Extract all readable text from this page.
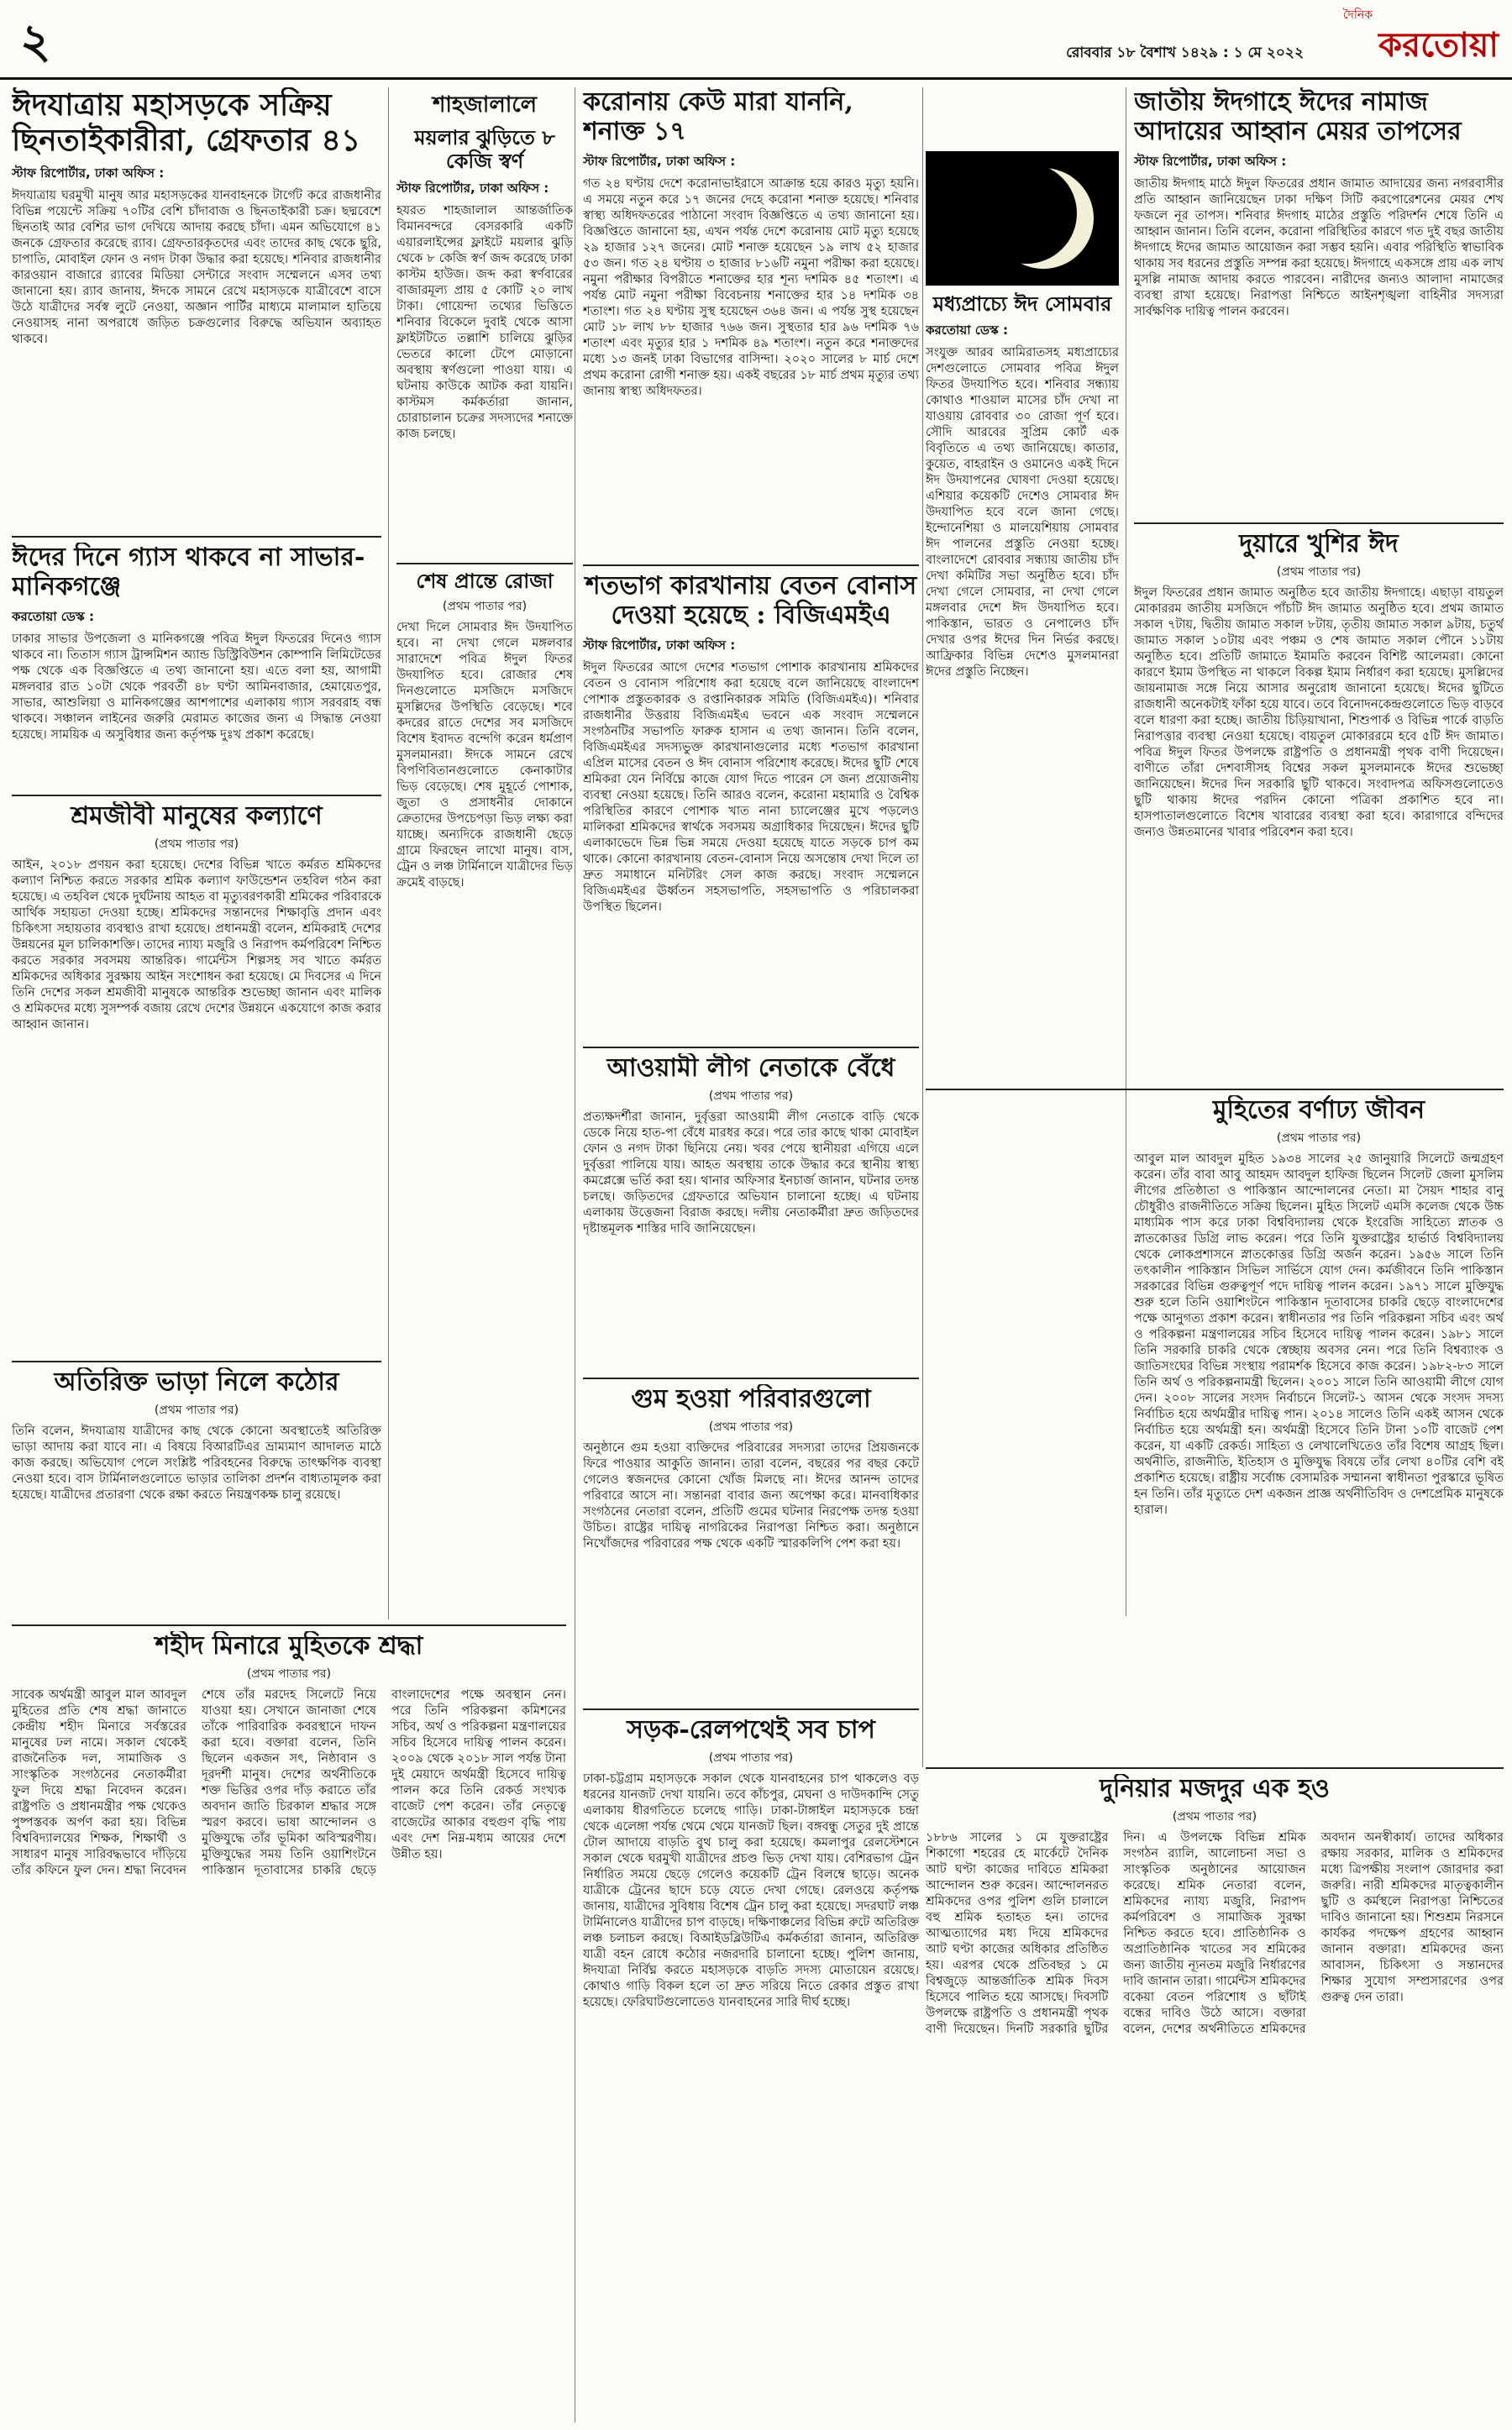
২	রোববার ১৮ বৈশাখ ১৪২৯ : ১ মে ২০২২
দৈনিক
করতোয়া
ঈদযাত্রায় মহাসড়কে সক্রিয় ছিনতাইকারীরা, গ্রেফতার ৪১
স্টাফ রিপোর্টার, ঢাকা অফিস :
ঈদযাত্রায় ঘরমুখী মানুষ আর মহাসড়কের যানবাহনকে টার্গেট করে রাজধানীর বিভিন্ন পয়েন্টে সক্রিয় ৭০টির বেশি চাঁদাবাজ ও ছিনতাইকারী চক্র। ছদ্মবেশে ছিনতাই আর বেশির ভাগ দেখিয়ে আদায় করছে চাঁদা। এমন অভিযোগে ৪১ জনকে গ্রেফতার করেছে র‌্যাব। গ্রেফতারকৃতদের এবং তাদের কাছ থেকে ছুরি, চাপাতি, মোবাইল ফোন ও নগদ টাকা উদ্ধার করা হয়েছে। শনিবার রাজধানীর কারওয়ান বাজারে র‌্যাবের মিডিয়া সেন্টারে সংবাদ সম্মেলনে এসব তথ্য জানানো হয়। র‌্যাব জানায়, ঈদকে সামনে রেখে মহাসড়কে যাত্রীবেশে বাসে উঠে যাত্রীদের সর্বস্ব লুটে নেওয়া, অজ্ঞান পার্টির মাধ্যমে মালামাল হাতিয়ে নেওয়াসহ নানা অপরাধে জড়িত চক্রগুলোর বিরুদ্ধে অভিযান অব্যাহত থাকবে।
ঈদের দিনে গ্যাস থাকবে না সাভার-মানিকগঞ্জে
করতোয়া ডেস্ক :
ঢাকার সাভার উপজেলা ও মানিকগঞ্জে পবিত্র ঈদুল ফিতরের দিনেও গ্যাস থাকবে না। তিতাস গ্যাস ট্রান্সমিশন অ্যান্ড ডিস্ট্রিবিউশন কোম্পানি লিমিটেডের পক্ষ থেকে এক বিজ্ঞপ্তিতে এ তথ্য জানানো হয়। এতে বলা হয়, আগামী মঙ্গলবার রাত ১০টা থেকে পরবর্তী ৪৮ ঘণ্টা আমিনবাজার, হেমায়েতপুর, সাভার, আশুলিয়া ও মানিকগঞ্জের আশপাশের এলাকায় গ্যাস সরবরাহ বন্ধ থাকবে। সঞ্চালন লাইনের জরুরি মেরামত কাজের জন্য এ সিদ্ধান্ত নেওয়া হয়েছে। সাময়িক এ অসুবিধার জন্য কর্তৃপক্ষ দুঃখ প্রকাশ করেছে।
শ্রমজীবী মানুষের কল্যাণে
(প্রথম পাতার পর)
আইন, ২০১৮ প্রণয়ন করা হয়েছে। দেশের বিভিন্ন খাতে কর্মরত শ্রমিকদের কল্যাণ নিশ্চিত করতে সরকার শ্রমিক কল্যাণ ফাউন্ডেশন তহবিল গঠন করা হয়েছে। এ তহবিল থেকে দুর্ঘটনায় আহত বা মৃত্যুবরণকারী শ্রমিকের পরিবারকে আর্থিক সহায়তা দেওয়া হচ্ছে। শ্রমিকদের সন্তানদের শিক্ষাবৃত্তি প্রদান এবং চিকিৎসা সহায়তার ব্যবস্থাও রাখা হয়েছে। প্রধানমন্ত্রী বলেন, শ্রমিকরাই দেশের উন্নয়নের মূল চালিকাশক্তি। তাদের ন্যায্য মজুরি ও নিরাপদ কর্মপরিবেশ নিশ্চিত করতে সরকার সবসময় আন্তরিক। গার্মেন্টস শিল্পসহ সব খাতে কর্মরত শ্রমিকদের অধিকার সুরক্ষায় আইন সংশোধন করা হয়েছে। মে দিবসের এ দিনে তিনি দেশের সকল শ্রমজীবী মানুষকে আন্তরিক শুভেচ্ছা জানান এবং মালিক ও শ্রমিকদের মধ্যে সুসম্পর্ক বজায় রেখে দেশের উন্নয়নে একযোগে কাজ করার আহ্বান জানান।
অতিরিক্ত ভাড়া নিলে কঠোর
(প্রথম পাতার পর)
তিনি বলেন, ঈদযাত্রায় যাত্রীদের কাছ থেকে কোনো অবস্থাতেই অতিরিক্ত ভাড়া আদায় করা যাবে না। এ বিষয়ে বিআরটিএর ভ্রাম্যমাণ আদালত মাঠে কাজ করছে। অভিযোগ পেলে সংশ্লিষ্ট পরিবহনের বিরুদ্ধে তাৎক্ষণিক ব্যবস্থা নেওয়া হবে। বাস টার্মিনালগুলোতে ভাড়ার তালিকা প্রদর্শন বাধ্যতামূলক করা হয়েছে। যাত্রীদের প্রতারণা থেকে রক্ষা করতে নিয়ন্ত্রণকক্ষ চালু রয়েছে।
শহীদ মিনারে মুহিতকে শ্রদ্ধা
(প্রথম পাতার পর)
সাবেক অর্থমন্ত্রী আবুল মাল আবদুল মুহিতের প্রতি শেষ শ্রদ্ধা জানাতে কেন্দ্রীয় শহীদ মিনারে সর্বস্তরের মানুষের ঢল নামে। সকাল থেকেই রাজনৈতিক দল, সামাজিক ও সাংস্কৃতিক সংগঠনের নেতাকর্মীরা ফুল দিয়ে শ্রদ্ধা নিবেদন করেন। রাষ্ট্রপতি ও প্রধানমন্ত্রীর পক্ষ থেকেও পুষ্পস্তবক অর্পণ করা হয়। বিভিন্ন বিশ্ববিদ্যালয়ের শিক্ষক, শিক্ষার্থী ও সাধারণ মানুষ সারিবদ্ধভাবে দাঁড়িয়ে তাঁর কফিনে ফুল দেন। শ্রদ্ধা নিবেদন শেষে তাঁর মরদেহ সিলেটে নিয়ে যাওয়া হয়। সেখানে জানাজা শেষে তাঁকে পারিবারিক কবরস্থানে দাফন করা হবে। বক্তারা বলেন, তিনি ছিলেন একজন সৎ, নিষ্ঠাবান ও দূরদর্শী মানুষ। দেশের অর্থনীতিকে শক্ত ভিত্তির ওপর দাঁড় করাতে তাঁর অবদান জাতি চিরকাল শ্রদ্ধার সঙ্গে স্মরণ করবে। ভাষা আন্দোলন ও মুক্তিযুদ্ধে তাঁর ভূমিকা অবিস্মরণীয়। মুক্তিযুদ্ধের সময় তিনি ওয়াশিংটনে পাকিস্তান দূতাবাসের চাকরি ছেড়ে বাংলাদেশের পক্ষে অবস্থান নেন। পরে তিনি পরিকল্পনা কমিশনের সচিব, অর্থ ও পরিকল্পনা মন্ত্রণালয়ের সচিব হিসেবে দায়িত্ব পালন করেন। ২০০৯ থেকে ২০১৮ সাল পর্যন্ত টানা দুই মেয়াদে অর্থমন্ত্রী হিসেবে দায়িত্ব পালন করে তিনি রেকর্ড সংখ্যক বাজেট পেশ করেন। তাঁর নেতৃত্বে বাজেটের আকার বহুগুণ বৃদ্ধি পায় এবং দেশ নিম্ন-মধ্যম আয়ের দেশে উন্নীত হয়।
শাহজালালে
ময়লার ঝুড়িতে ৮ কেজি স্বর্ণ
স্টাফ রিপোর্টার, ঢাকা অফিস :
হযরত শাহজালাল আন্তর্জাতিক বিমানবন্দরে বেসরকারি একটি এয়ারলাইন্সের ফ্লাইটে ময়লার ঝুড়ি থেকে ৮ কেজি স্বর্ণ জব্দ করেছে ঢাকা কাস্টম হাউজ। জব্দ করা স্বর্ণবারের বাজারমূল্য প্রায় ৫ কোটি ২০ লাখ টাকা। গোয়েন্দা তথ্যের ভিত্তিতে শনিবার বিকেলে দুবাই থেকে আসা ফ্লাইটটিতে তল্লাশি চালিয়ে ঝুড়ির ভেতরে কালো টেপে মোড়ানো অবস্থায় স্বর্ণগুলো পাওয়া যায়। এ ঘটনায় কাউকে আটক করা যায়নি। কাস্টমস কর্মকর্তারা জানান, চোরাচালান চক্রের সদস্যদের শনাক্তে কাজ চলছে।
শেষ প্রান্তে রোজা
(প্রথম পাতার পর)
দেখা দিলে সোমবার ঈদ উদযাপিত হবে। না দেখা গেলে মঙ্গলবার সারাদেশে পবিত্র ঈদুল ফিতর উদযাপিত হবে। রোজার শেষ দিনগুলোতে মসজিদে মসজিদে মুসল্লিদের উপস্থিতি বেড়েছে। শবে কদরের রাতে দেশের সব মসজিদে বিশেষ ইবাদত বন্দেগি করেন ধর্মপ্রাণ মুসলমানরা। ঈদকে সামনে রেখে বিপণিবিতানগুলোতে কেনাকাটার ভিড় বেড়েছে। শেষ মুহূর্তে পোশাক, জুতা ও প্রসাধনীর দোকানে ক্রেতাদের উপচেপড়া ভিড় লক্ষ্য করা যাচ্ছে। অন্যদিকে রাজধানী ছেড়ে গ্রামে ফিরছেন লাখো মানুষ। বাস, ট্রেন ও লঞ্চ টার্মিনালে যাত্রীদের ভিড় ক্রমেই বাড়ছে।
করোনায় কেউ মারা যাননি, শনাক্ত ১৭
স্টাফ রিপোর্টার, ঢাকা অফিস :
গত ২৪ ঘণ্টায় দেশে করোনাভাইরাসে আক্রান্ত হয়ে কারও মৃত্যু হয়নি। এ সময়ে নতুন করে ১৭ জনের দেহে করোনা শনাক্ত হয়েছে। শনিবার স্বাস্থ্য অধিদফতরের পাঠানো সংবাদ বিজ্ঞপ্তিতে এ তথ্য জানানো হয়। বিজ্ঞপ্তিতে জানানো হয়, এখন পর্যন্ত দেশে করোনায় মোট মৃত্যু হয়েছে ২৯ হাজার ১২৭ জনের। মোট শনাক্ত হয়েছেন ১৯ লাখ ৫২ হাজার ৫৩ জন। গত ২৪ ঘণ্টায় ৩ হাজার ৮১৬টি নমুনা পরীক্ষা করা হয়েছে। নমুনা পরীক্ষার বিপরীতে শনাক্তের হার শূন্য দশমিক ৪৫ শতাংশ। এ পর্যন্ত মোট নমুনা পরীক্ষা বিবেচনায় শনাক্তের হার ১৪ দশমিক ৩৪ শতাংশ। গত ২৪ ঘণ্টায় সুস্থ হয়েছেন ৩৬৪ জন। এ পর্যন্ত সুস্থ হয়েছেন মোট ১৮ লাখ ৮৮ হাজার ৭৬৬ জন। সুস্থতার হার ৯৬ দশমিক ৭৬ শতাংশ এবং মৃত্যুর হার ১ দশমিক ৪৯ শতাংশ। নতুন করে শনাক্তদের মধ্যে ১৩ জনই ঢাকা বিভাগের বাসিন্দা। ২০২০ সালের ৮ মার্চ দেশে প্রথম করোনা রোগী শনাক্ত হয়। একই বছরের ১৮ মার্চ প্রথম মৃত্যুর তথ্য জানায় স্বাস্থ্য অধিদফতর।
শতভাগ কারখানায় বেতন বোনাস দেওয়া হয়েছে : বিজিএমইএ
স্টাফ রিপোর্টার, ঢাকা অফিস :
ঈদুল ফিতরের আগে দেশের শতভাগ পোশাক কারখানায় শ্রমিকদের বেতন ও বোনাস পরিশোধ করা হয়েছে বলে জানিয়েছে বাংলাদেশ পোশাক প্রস্তুতকারক ও রপ্তানিকারক সমিতি (বিজিএমইএ)। শনিবার রাজধানীর উত্তরায় বিজিএমইএ ভবনে এক সংবাদ সম্মেলনে সংগঠনটির সভাপতি ফারুক হাসান এ তথ্য জানান। তিনি বলেন, বিজিএমইএর সদস্যভুক্ত কারখানাগুলোর মধ্যে শতভাগ কারখানা এপ্রিল মাসের বেতন ও ঈদ বোনাস পরিশোধ করেছে। ঈদের ছুটি শেষে শ্রমিকরা যেন নির্বিঘ্নে কাজে যোগ দিতে পারেন সে জন্য প্রয়োজনীয় ব্যবস্থা নেওয়া হয়েছে। তিনি আরও বলেন, করোনা মহামারি ও বৈশ্বিক পরিস্থিতির কারণে পোশাক খাত নানা চ্যালেঞ্জের মুখে পড়লেও মালিকরা শ্রমিকদের স্বার্থকে সবসময় অগ্রাধিকার দিয়েছেন। ঈদের ছুটি এলাকাভেদে ভিন্ন ভিন্ন সময়ে দেওয়া হয়েছে যাতে সড়কে চাপ কম থাকে। কোনো কারখানায় বেতন-বোনাস নিয়ে অসন্তোষ দেখা দিলে তা দ্রুত সমাধানে মনিটরিং সেল কাজ করছে। সংবাদ সম্মেলনে বিজিএমইএর ঊর্ধ্বতন সহসভাপতি, সহসভাপতি ও পরিচালকরা উপস্থিত ছিলেন।
আওয়ামী লীগ নেতাকে বেঁধে
(প্রথম পাতার পর)
প্রত্যক্ষদর্শীরা জানান, দুর্বৃত্তরা আওয়ামী লীগ নেতাকে বাড়ি থেকে ডেকে নিয়ে হাত-পা বেঁধে মারধর করে। পরে তার কাছে থাকা মোবাইল ফোন ও নগদ টাকা ছিনিয়ে নেয়। খবর পেয়ে স্থানীয়রা এগিয়ে এলে দুর্বৃত্তরা পালিয়ে যায়। আহত অবস্থায় তাকে উদ্ধার করে স্থানীয় স্বাস্থ্য কমপ্লেক্সে ভর্তি করা হয়। থানার অফিসার ইনচার্জ জানান, ঘটনার তদন্ত চলছে। জড়িতদের গ্রেফতারে অভিযান চালানো হচ্ছে। এ ঘটনায় এলাকায় উত্তেজনা বিরাজ করছে। দলীয় নেতাকর্মীরা দ্রুত জড়িতদের দৃষ্টান্তমূলক শাস্তির দাবি জানিয়েছেন।
গুম হওয়া পরিবারগুলো
(প্রথম পাতার পর)
অনুষ্ঠানে গুম হওয়া ব্যক্তিদের পরিবারের সদস্যরা তাদের প্রিয়জনকে ফিরে পাওয়ার আকুতি জানান। তারা বলেন, বছরের পর বছর কেটে গেলেও স্বজনদের কোনো খোঁজ মিলছে না। ঈদের আনন্দ তাদের পরিবারে আসে না। সন্তানরা বাবার জন্য অপেক্ষা করে। মানবাধিকার সংগঠনের নেতারা বলেন, প্রতিটি গুমের ঘটনার নিরপেক্ষ তদন্ত হওয়া উচিত। রাষ্ট্রের দায়িত্ব নাগরিকের নিরাপত্তা নিশ্চিত করা। অনুষ্ঠানে নিখোঁজদের পরিবারের পক্ষ থেকে একটি স্মারকলিপি পেশ করা হয়।
সড়ক-রেলপথেই সব চাপ
(প্রথম পাতার পর)
ঢাকা-চট্টগ্রাম মহাসড়কে সকাল থেকে যানবাহনের চাপ থাকলেও বড় ধরনের যানজট দেখা যায়নি। তবে কাঁচপুর, মেঘনা ও দাউদকান্দি সেতু এলাকায় ধীরগতিতে চলেছে গাড়ি। ঢাকা-টাঙ্গাইল মহাসড়কে চন্দ্রা থেকে এলেঙ্গা পর্যন্ত থেমে থেমে যানজট ছিল। বঙ্গবন্ধু সেতুর দুই প্রান্তে টোল আদায়ে বাড়তি বুথ চালু করা হয়েছে। কমলাপুর রেলস্টেশনে সকাল থেকে ঘরমুখী যাত্রীদের প্রচণ্ড ভিড় দেখা যায়। বেশিরভাগ ট্রেন নির্ধারিত সময়ে ছেড়ে গেলেও কয়েকটি ট্রেন বিলম্বে ছাড়ে। অনেক যাত্রীকে ট্রেনের ছাদে চড়ে যেতে দেখা গেছে। রেলওয়ে কর্তৃপক্ষ জানায়, যাত্রীদের সুবিধায় বিশেষ ট্রেন চালু করা হয়েছে। সদরঘাট লঞ্চ টার্মিনালেও যাত্রীদের চাপ বাড়ছে। দক্ষিণাঞ্চলের বিভিন্ন রুটে অতিরিক্ত লঞ্চ চলাচল করছে। বিআইডব্লিউটিএ কর্মকর্তারা জানান, অতিরিক্ত যাত্রী বহন রোধে কঠোর নজরদারি চালানো হচ্ছে। পুলিশ জানায়, ঈদযাত্রা নির্বিঘ্ন করতে মহাসড়কে বাড়তি সদস্য মোতায়েন রয়েছে। কোথাও গাড়ি বিকল হলে তা দ্রুত সরিয়ে নিতে রেকার প্রস্তুত রাখা হয়েছে। ফেরিঘাটগুলোতেও যানবাহনের সারি দীর্ঘ হচ্ছে।
মধ্যপ্রাচ্যে ঈদ সোমবার
করতোয়া ডেস্ক :
সংযুক্ত আরব আমিরাতসহ মধ্যপ্রাচ্যের দেশগুলোতে সোমবার পবিত্র ঈদুল ফিতর উদযাপিত হবে। শনিবার সন্ধ্যায় কোথাও শাওয়াল মাসের চাঁদ দেখা না যাওয়ায় রোববার ৩০ রোজা পূর্ণ হবে। সৌদি আরবের সুপ্রিম কোর্ট এক বিবৃতিতে এ তথ্য জানিয়েছে। কাতার, কুয়েত, বাহরাইন ও ওমানেও একই দিনে ঈদ উদযাপনের ঘোষণা দেওয়া হয়েছে। এশিয়ার কয়েকটি দেশেও সোমবার ঈদ উদযাপিত হবে বলে জানা গেছে। ইন্দোনেশিয়া ও মালয়েশিয়ায় সোমবার ঈদ পালনের প্রস্তুতি নেওয়া হচ্ছে। বাংলাদেশে রোববার সন্ধ্যায় জাতীয় চাঁদ দেখা কমিটির সভা অনুষ্ঠিত হবে। চাঁদ দেখা গেলে সোমবার, না দেখা গেলে মঙ্গলবার দেশে ঈদ উদযাপিত হবে। পাকিস্তান, ভারত ও নেপালেও চাঁদ দেখার ওপর ঈদের দিন নির্ভর করছে। আফ্রিকার বিভিন্ন দেশেও মুসলমানরা ঈদের প্রস্তুতি নিচ্ছেন।
জাতীয় ঈদগাহে ঈদের নামাজ আদায়ের আহ্বান মেয়র তাপসের
স্টাফ রিপোর্টার, ঢাকা অফিস :
জাতীয় ঈদগাহ মাঠে ঈদুল ফিতরের প্রধান জামাত আদায়ের জন্য নগরবাসীর প্রতি আহ্বান জানিয়েছেন ঢাকা দক্ষিণ সিটি করপোরেশনের মেয়র শেখ ফজলে নূর তাপস। শনিবার ঈদগাহ মাঠের প্রস্তুতি পরিদর্শন শেষে তিনি এ আহ্বান জানান। তিনি বলেন, করোনা পরিস্থিতির কারণে গত দুই বছর জাতীয় ঈদগাহে ঈদের জামাত আয়োজন করা সম্ভব হয়নি। এবার পরিস্থিতি স্বাভাবিক থাকায় সব ধরনের প্রস্তুতি সম্পন্ন করা হয়েছে। ঈদগাহে একসঙ্গে প্রায় এক লাখ মুসল্লি নামাজ আদায় করতে পারবেন। নারীদের জন্যও আলাদা নামাজের ব্যবস্থা রাখা হয়েছে। নিরাপত্তা নিশ্চিতে আইনশৃঙ্খলা বাহিনীর সদস্যরা সার্বক্ষণিক দায়িত্ব পালন করবেন।
দুয়ারে খুশির ঈদ
(প্রথম পাতার পর)
ঈদুল ফিতরের প্রধান জামাত অনুষ্ঠিত হবে জাতীয় ঈদগাহে। এছাড়া বায়তুল মোকাররম জাতীয় মসজিদে পাঁচটি ঈদ জামাত অনুষ্ঠিত হবে। প্রথম জামাত সকাল ৭টায়, দ্বিতীয় জামাত সকাল ৮টায়, তৃতীয় জামাত সকাল ৯টায়, চতুর্থ জামাত সকাল ১০টায় এবং পঞ্চম ও শেষ জামাত সকাল পৌনে ১১টায় অনুষ্ঠিত হবে। প্রতিটি জামাতে ইমামতি করবেন বিশিষ্ট আলেমরা। কোনো কারণে ইমাম উপস্থিত না থাকলে বিকল্প ইমাম নির্ধারণ করা হয়েছে। মুসল্লিদের জায়নামাজ সঙ্গে নিয়ে আসার অনুরোধ জানানো হয়েছে। ঈদের ছুটিতে রাজধানী অনেকটাই ফাঁকা হয়ে যাবে। তবে বিনোদনকেন্দ্রগুলোতে ভিড় বাড়বে বলে ধারণা করা হচ্ছে। জাতীয় চিড়িয়াখানা, শিশুপার্ক ও বিভিন্ন পার্কে বাড়তি নিরাপত্তার ব্যবস্থা নেওয়া হয়েছে। বায়তুল মোকাররমে হবে ৫টি ঈদ জামাত। পবিত্র ঈদুল ফিতর উপলক্ষে রাষ্ট্রপতি ও প্রধানমন্ত্রী পৃথক বাণী দিয়েছেন। বাণীতে তাঁরা দেশবাসীসহ বিশ্বের সকল মুসলমানকে ঈদের শুভেচ্ছা জানিয়েছেন। ঈদের দিন সরকারি ছুটি থাকবে। সংবাদপত্র অফিসগুলোতেও ছুটি থাকায় ঈদের পরদিন কোনো পত্রিকা প্রকাশিত হবে না। হাসপাতালগুলোতে বিশেষ খাবারের ব্যবস্থা করা হবে। কারাগারে বন্দিদের জন্যও উন্নতমানের খাবার পরিবেশন করা হবে।
মুহিতের বর্ণাঢ্য জীবন
(প্রথম পাতার পর)
আবুল মাল আবদুল মুহিত ১৯৩৪ সালের ২৫ জানুয়ারি সিলেটে জন্মগ্রহণ করেন। তাঁর বাবা আবু আহমদ আবদুল হাফিজ ছিলেন সিলেট জেলা মুসলিম লীগের প্রতিষ্ঠাতা ও পাকিস্তান আন্দোলনের নেতা। মা সৈয়দ শাহার বানু চৌধুরীও রাজনীতিতে সক্রিয় ছিলেন। মুহিত সিলেট এমসি কলেজ থেকে উচ্চ মাধ্যমিক পাস করে ঢাকা বিশ্ববিদ্যালয় থেকে ইংরেজি সাহিত্যে স্নাতক ও স্নাতকোত্তর ডিগ্রি লাভ করেন। পরে তিনি যুক্তরাষ্ট্রের হার্ভার্ড বিশ্ববিদ্যালয় থেকে লোকপ্রশাসনে স্নাতকোত্তর ডিগ্রি অর্জন করেন। ১৯৫৬ সালে তিনি তৎকালীন পাকিস্তান সিভিল সার্ভিসে যোগ দেন। কর্মজীবনে তিনি পাকিস্তান সরকারের বিভিন্ন গুরুত্বপূর্ণ পদে দায়িত্ব পালন করেন। ১৯৭১ সালে মুক্তিযুদ্ধ শুরু হলে তিনি ওয়াশিংটনে পাকিস্তান দূতাবাসের চাকরি ছেড়ে বাংলাদেশের পক্ষে আনুগত্য প্রকাশ করেন। স্বাধীনতার পর তিনি পরিকল্পনা সচিব এবং অর্থ ও পরিকল্পনা মন্ত্রণালয়ের সচিব হিসেবে দায়িত্ব পালন করেন। ১৯৮১ সালে তিনি সরকারি চাকরি থেকে স্বেচ্ছায় অবসর নেন। পরে তিনি বিশ্বব্যাংক ও জাতিসংঘের বিভিন্ন সংস্থায় পরামর্শক হিসেবে কাজ করেন। ১৯৮২-৮৩ সালে তিনি অর্থ ও পরিকল্পনামন্ত্রী ছিলেন। ২০০১ সালে তিনি আওয়ামী লীগে যোগ দেন। ২০০৮ সালের সংসদ নির্বাচনে সিলেট-১ আসন থেকে সংসদ সদস্য নির্বাচিত হয়ে অর্থমন্ত্রীর দায়িত্ব পান। ২০১৪ সালেও তিনি একই আসন থেকে নির্বাচিত হয়ে অর্থমন্ত্রী হন। অর্থমন্ত্রী হিসেবে তিনি টানা ১০টি বাজেট পেশ করেন, যা একটি রেকর্ড। সাহিত্য ও লেখালেখিতেও তাঁর বিশেষ আগ্রহ ছিল। অর্থনীতি, রাজনীতি, ইতিহাস ও মুক্তিযুদ্ধ বিষয়ে তাঁর লেখা ৪০টির বেশি বই প্রকাশিত হয়েছে। রাষ্ট্রীয় সর্বোচ্চ বেসামরিক সম্মাননা স্বাধীনতা পুরস্কারে ভূষিত হন তিনি। তাঁর মৃত্যুতে দেশ একজন প্রাজ্ঞ অর্থনীতিবিদ ও দেশপ্রেমিক মানুষকে হারাল।
দুনিয়ার মজদুর এক হও
(প্রথম পাতার পর)
১৮৮৬ সালের ১ মে যুক্তরাষ্ট্রের শিকাগো শহরের হে মার্কেটে দৈনিক আট ঘণ্টা কাজের দাবিতে শ্রমিকরা আন্দোলন শুরু করেন। আন্দোলনরত শ্রমিকদের ওপর পুলিশ গুলি চালালে বহু শ্রমিক হতাহত হন। তাদের আত্মত্যাগের মধ্য দিয়ে শ্রমিকদের আট ঘণ্টা কাজের অধিকার প্রতিষ্ঠিত হয়। এরপর থেকে প্রতিবছর ১ মে বিশ্বজুড়ে আন্তর্জাতিক শ্রমিক দিবস হিসেবে পালিত হয়ে আসছে। দিবসটি উপলক্ষে রাষ্ট্রপতি ও প্রধানমন্ত্রী পৃথক বাণী দিয়েছেন। দিনটি সরকারি ছুটির দিন। এ উপলক্ষে বিভিন্ন শ্রমিক সংগঠন র‌্যালি, আলোচনা সভা ও সাংস্কৃতিক অনুষ্ঠানের আয়োজন করেছে। শ্রমিক নেতারা বলেন, শ্রমিকদের ন্যায্য মজুরি, নিরাপদ কর্মপরিবেশ ও সামাজিক সুরক্ষা নিশ্চিত করতে হবে। প্রাতিষ্ঠানিক ও অপ্রাতিষ্ঠানিক খাতের সব শ্রমিকের জন্য জাতীয় ন্যূনতম মজুরি নির্ধারণের দাবি জানান তারা। গার্মেন্টস শ্রমিকদের বকেয়া বেতন পরিশোধ ও ছাঁটাই বন্ধের দাবিও উঠে আসে। বক্তারা বলেন, দেশের অর্থনীতিতে শ্রমিকদের অবদান অনস্বীকার্য। তাদের অধিকার রক্ষায় সরকার, মালিক ও শ্রমিকদের মধ্যে ত্রিপক্ষীয় সংলাপ জোরদার করা জরুরি। নারী শ্রমিকদের মাতৃত্বকালীন ছুটি ও কর্মস্থলে নিরাপত্তা নিশ্চিতের দাবিও জানানো হয়। শিশুশ্রম নিরসনে কার্যকর পদক্ষেপ গ্রহণের আহ্বান জানান বক্তারা। শ্রমিকদের জন্য আবাসন, চিকিৎসা ও সন্তানদের শিক্ষার সুযোগ সম্প্রসারণের ওপর গুরুত্ব দেন তারা।
